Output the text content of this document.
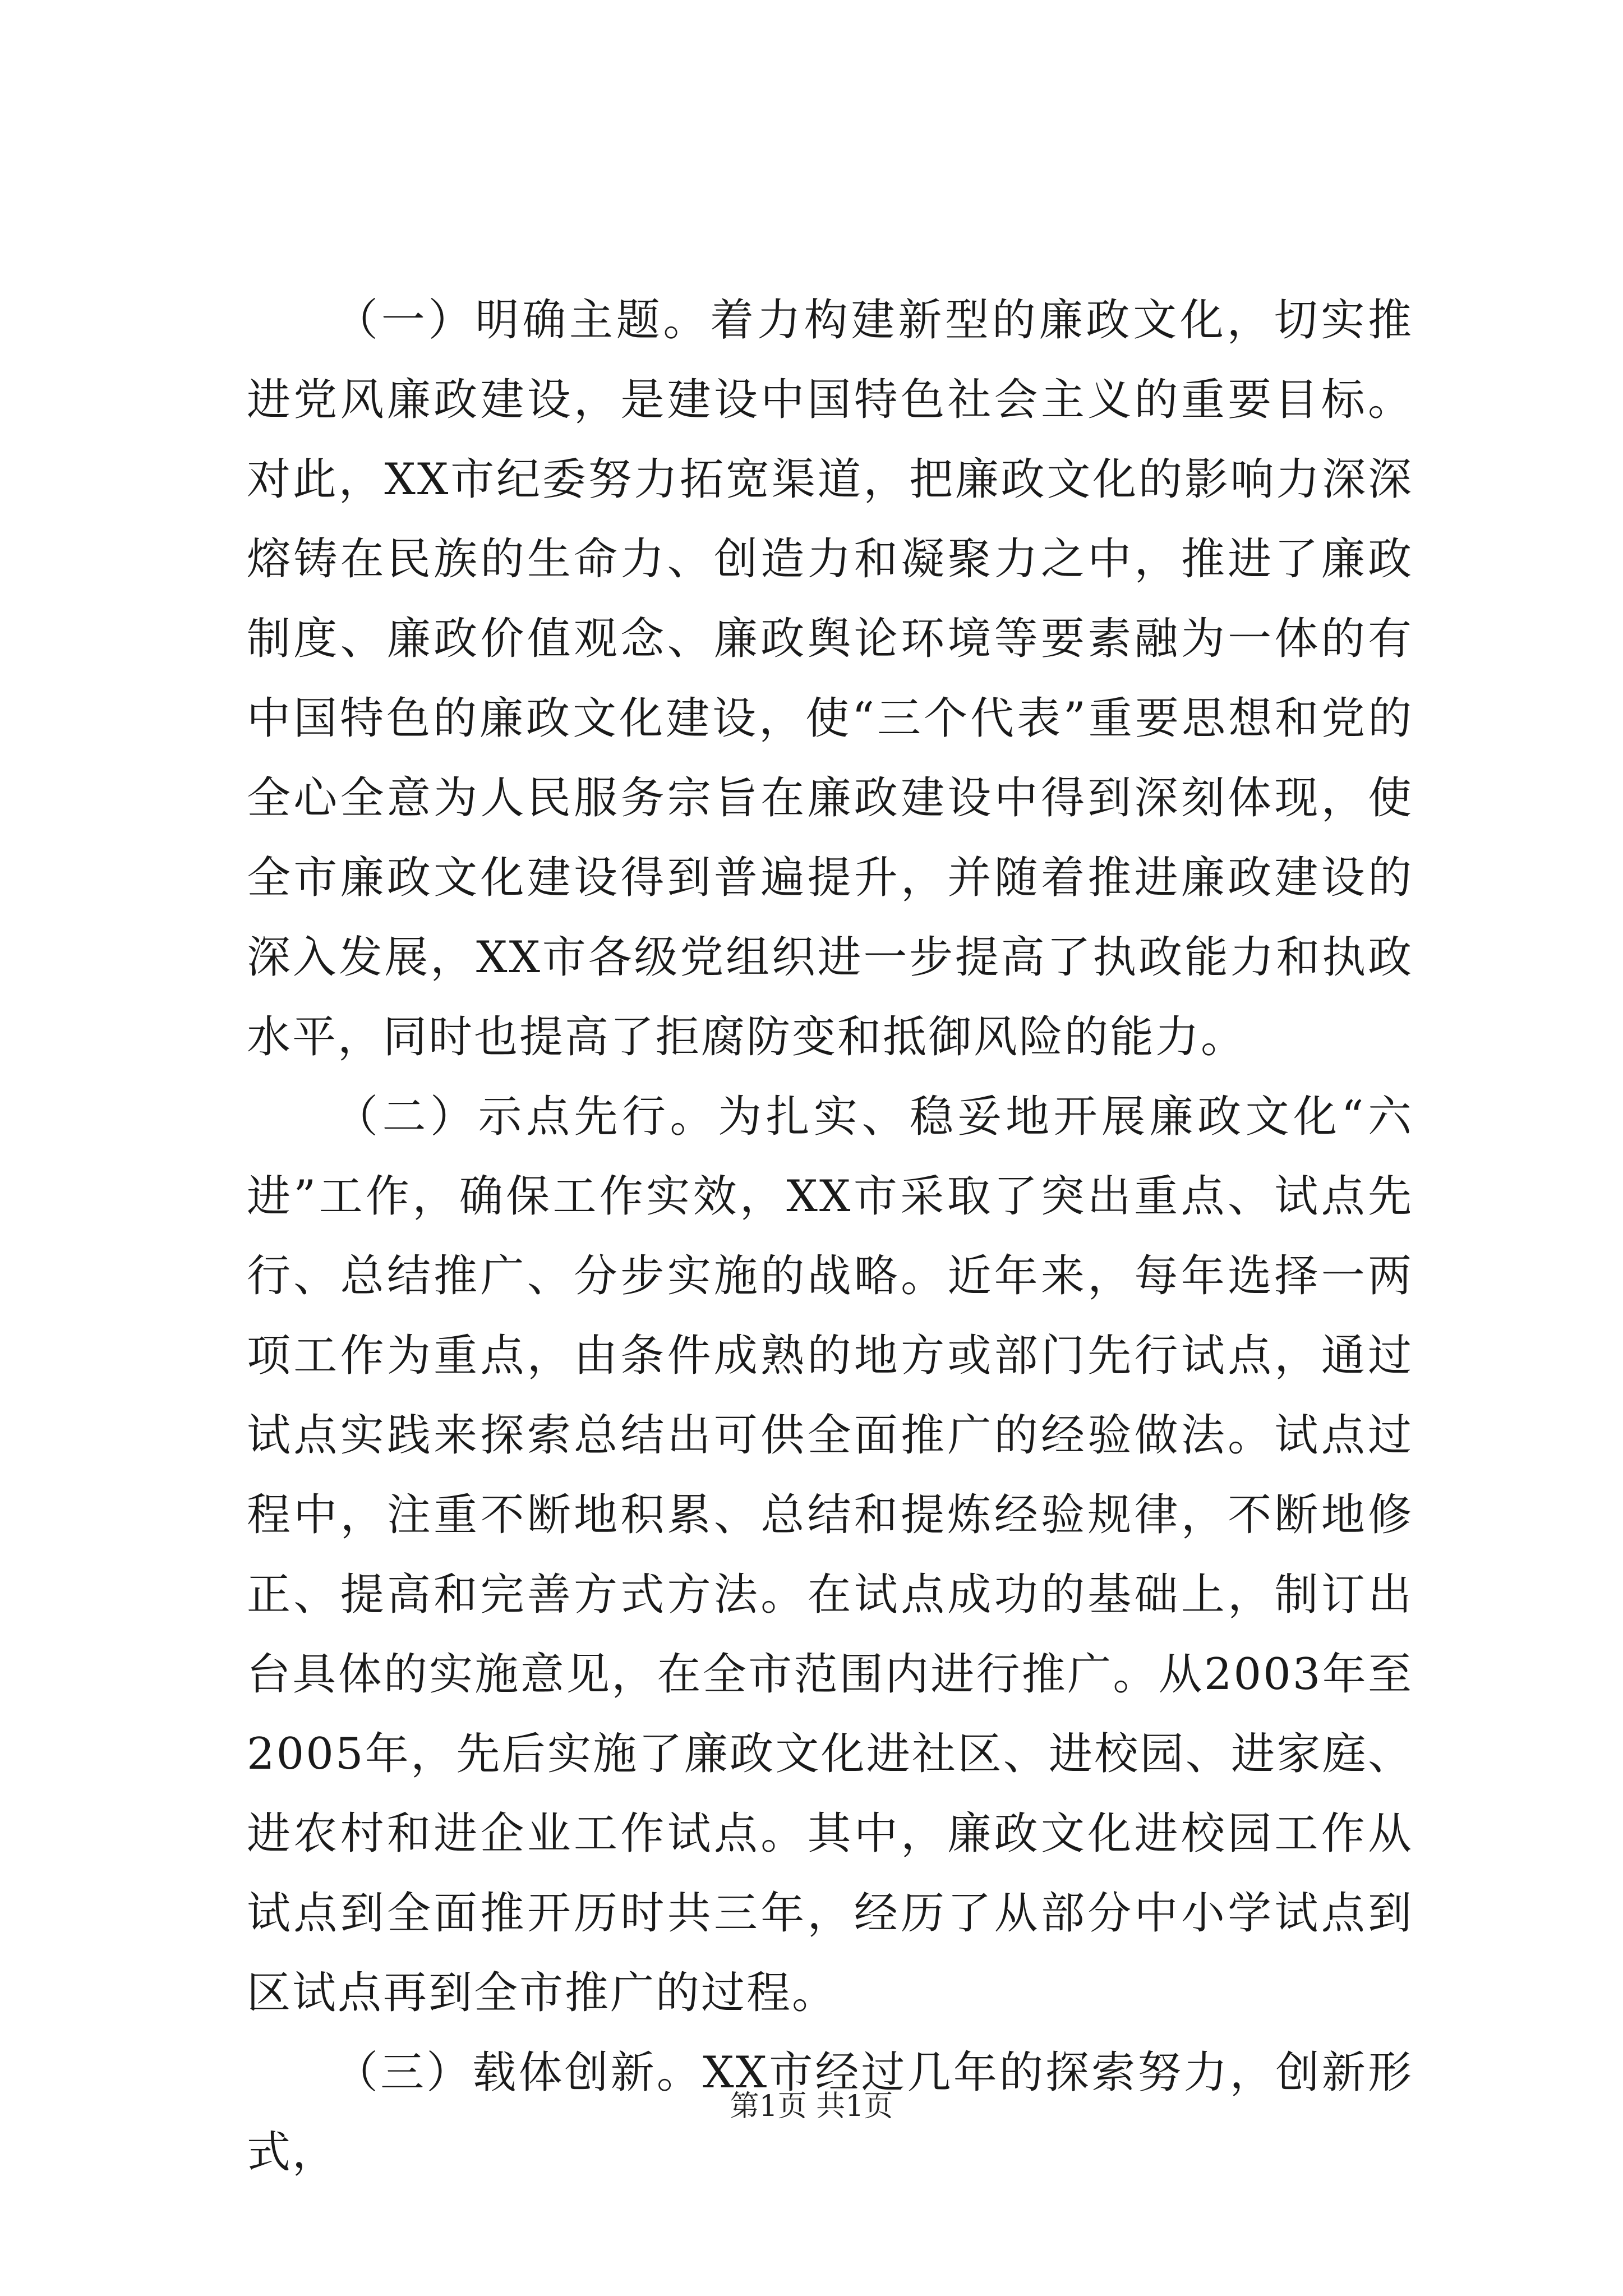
（一）明确主题。着力构建新型的廉政文化，切实推进党风廉政建设，是建设中国特色社会主义的重要目标。对此，XX市纪委努力拓宽渠道，把廉政文化的影响力深深熔铸在民族的生命力、创造力和凝聚力之中，推进了廉政制度、廉政价值观念、廉政舆论环境等要素融为一体的有中国特色的廉政文化建设，使“三个代表”重要思想和党的全心全意为人民服务宗旨在廉政建设中得到深刻体现，使全市廉政文化建设得到普遍提升，并随着推进廉政建设的深入发展，XX市各级党组织进一步提高了执政能力和执政水平，同时也提高了拒腐防变和抵御风险的能力。

（二）示点先行。为扎实、稳妥地开展廉政文化“六进”工作，确保工作实效，XX市采取了突出重点、试点先行、总结推广、分步实施的战略。近年来，每年选择一两项工作为重点，由条件成熟的地方或部门先行试点，通过试点实践来探索总结出可供全面推广的经验做法。试点过程中，注重不断地积累、总结和提炼经验规律，不断地修正、提高和完善方式方法。在试点成功的基础上，制订出台具体的实施意见，在全市范围内进行推广。从2003年至2005年，先后实施了廉政文化进社区、进校园、进家庭、进农村和进企业工作试点。其中，廉政文化进校园工作从试点到全面推开历时共三年，经历了从部分中小学试点到区试点再到全市推广的过程。

（三）载体创新。XX市经过几年的探索努力，创新形式，

第1页 共1页
